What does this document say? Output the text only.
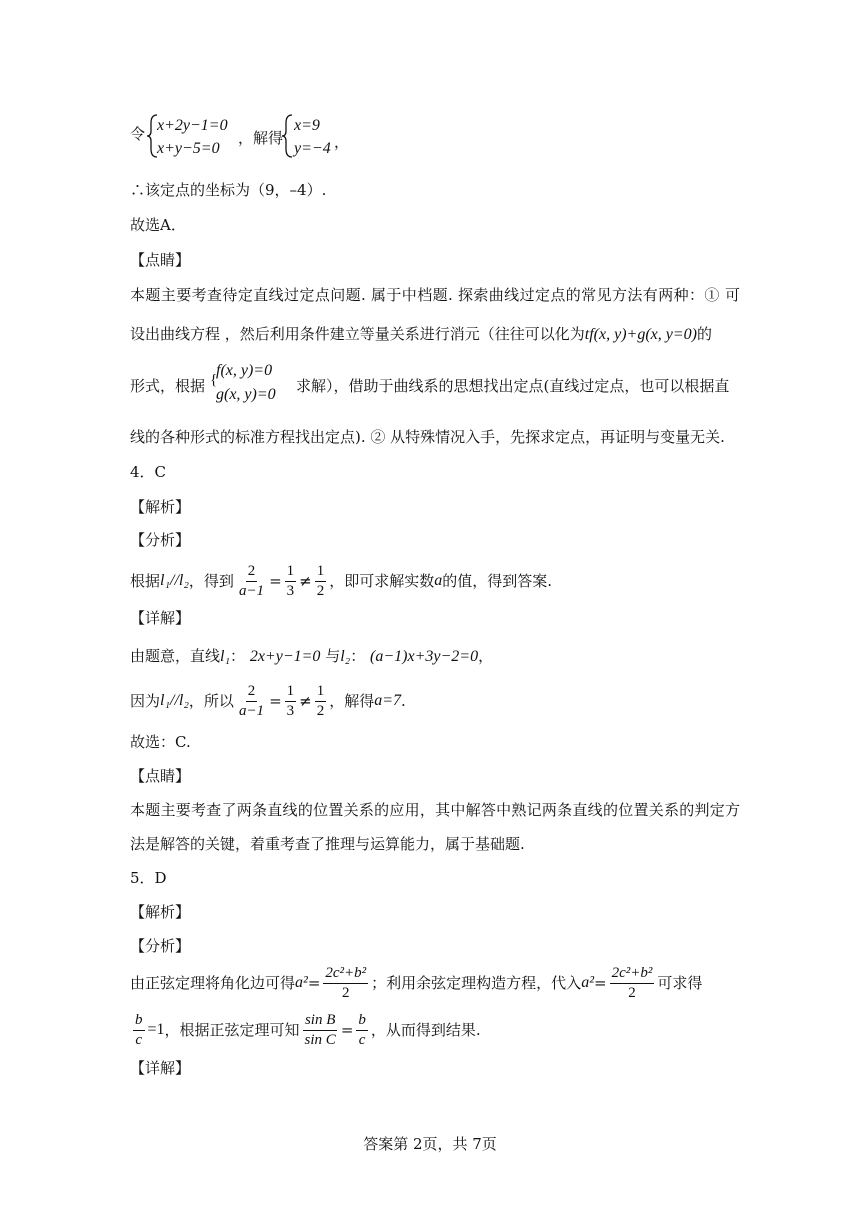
令 x+2y−1=0
x+y−5=0
，解得
x=9
y=−4 ，
∴该定点的坐标为（9，–4）.
故选A．
【点睛】
本题主要考查待定直线过定点问题. 属于中档题. 探索曲线过定点的常见方法有两种：① 可
设出曲线方程 ，然后利用条件建立等量关系进行消元（往往可以化为tf(x, y)+g(x, y=0)的
形式，根据 {
f(x, y)=0
g(x, y)=0 求解），借助于曲线系的思想找出定点(直线过定点，也可以根据直
线的各种形式的标准方程找出定点). ② 从特殊情况入手，先探求定点，再证明与变量无关.
4．C
【解析】
【分析】
根据 l₁//l₂ ，得到 $\frac{2}{a-1} = \frac{1}{3} \ne \frac{1}{2}$ ，即可求解实数 a 的值，得到答案.
【详解】
由题意，直线l₁： 2x+y−1=0 与l₂： (a−1)x+3y−2=0，
因为 l₁//l₂ ，所以 $\frac{2}{a-1} = \frac{1}{3} \ne \frac{1}{2}$ ，解得 a=7 .
故选：C.
【点睛】
本题主要考查了两条直线的位置关系的应用，其中解答中熟记两条直线的位置关系的判定方
法是解答的关键，着重考查了推理与运算能力，属于基础题.
5．D
【解析】
【分析】
由正弦定理将角化边可得 $a^2 = \frac{\text{2c²+b²}}{2}$ ；利用余弦定理构造方程，代入 $a^2 = \frac{\text{2c²+b²}}{2}$ 可求得
$\frac{b}{c} =1$ ，根据正弦定理可知 $\frac{\text{sin B}}{\text{sin C}} = \frac{b}{c}$ ，从而得到结果.
【详解】
答案第 2页，共 7页
